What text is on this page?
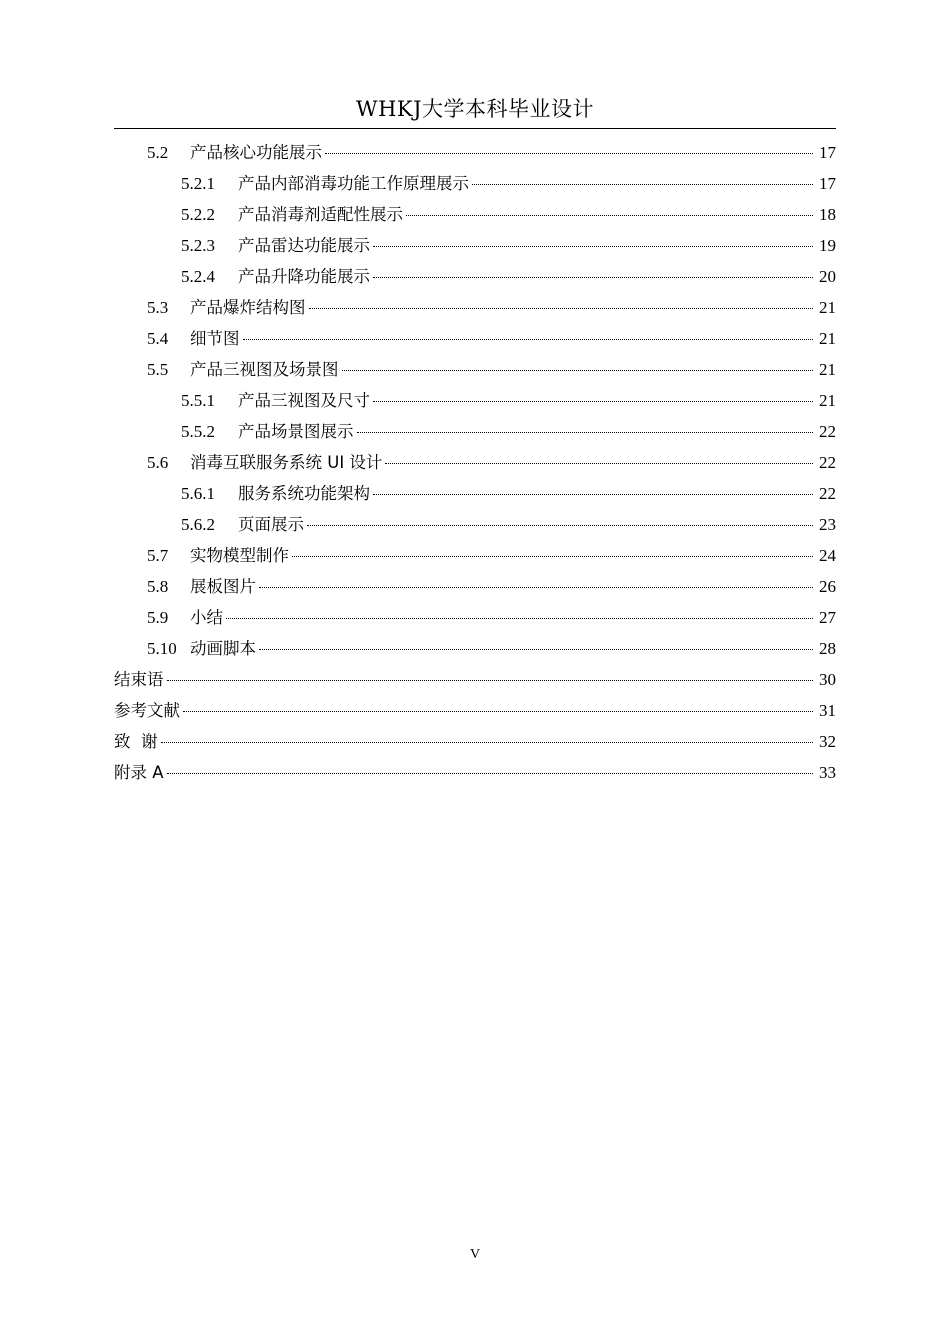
WHKJ大学本科毕业设计
5.2	产品核心功能展示	17
5.2.1	产品内部消毒功能工作原理展示	17
5.2.2	产品消毒剂适配性展示	18
5.2.3	产品雷达功能展示	19
5.2.4	产品升降功能展示	20
5.3	产品爆炸结构图	21
5.4	细节图	21
5.5	产品三视图及场景图	21
5.5.1	产品三视图及尺寸	21
5.5.2	产品场景图展示	22
5.6	消毒互联服务系统 UI 设计	22
5.6.1	服务系统功能架构	22
5.6.2	页面展示	23
5.7	实物模型制作	24
5.8	展板图片	26
5.9	小结	27
5.10 动画脚本	28
结束语	30
参考文献	31
致  谢	32
附录 A	33
V
